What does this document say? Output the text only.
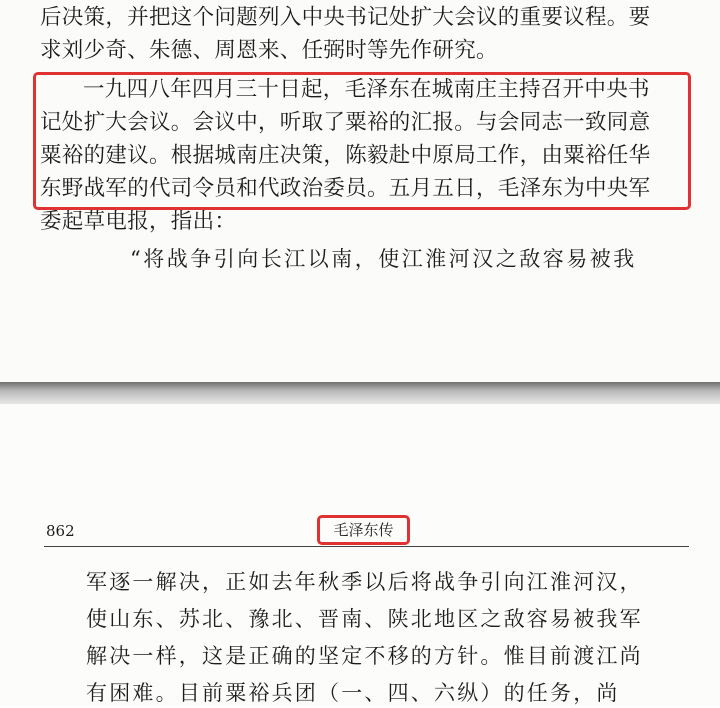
后决策，并把这个问题列入中央书记处扩大会议的重要议程。要
求刘少奇、朱德、周恩来、任弼时等先作研究。
一九四八年四月三十日起，毛泽东在城南庄主持召开中央书
记处扩大会议。会议中，听取了粟裕的汇报。与会同志一致同意
粟裕的建议。根据城南庄决策，陈毅赴中原局工作，由粟裕任华
东野战军的代司令员和代政治委员。五月五日，毛泽东为中央军
委起草电报，指出：
“将战争引向长江以南，使江淮河汉之敌容易被我
862	毛泽东传
军逐一解决，正如去年秋季以后将战争引向江淮河汉，
使山东、苏北、豫北、晋南、陕北地区之敌容易被我军
解决一样，这是正确的坚定不移的方针。惟目前渡江尚
有困难。目前粟裕兵团（一、四、六纵）的任务，尚
